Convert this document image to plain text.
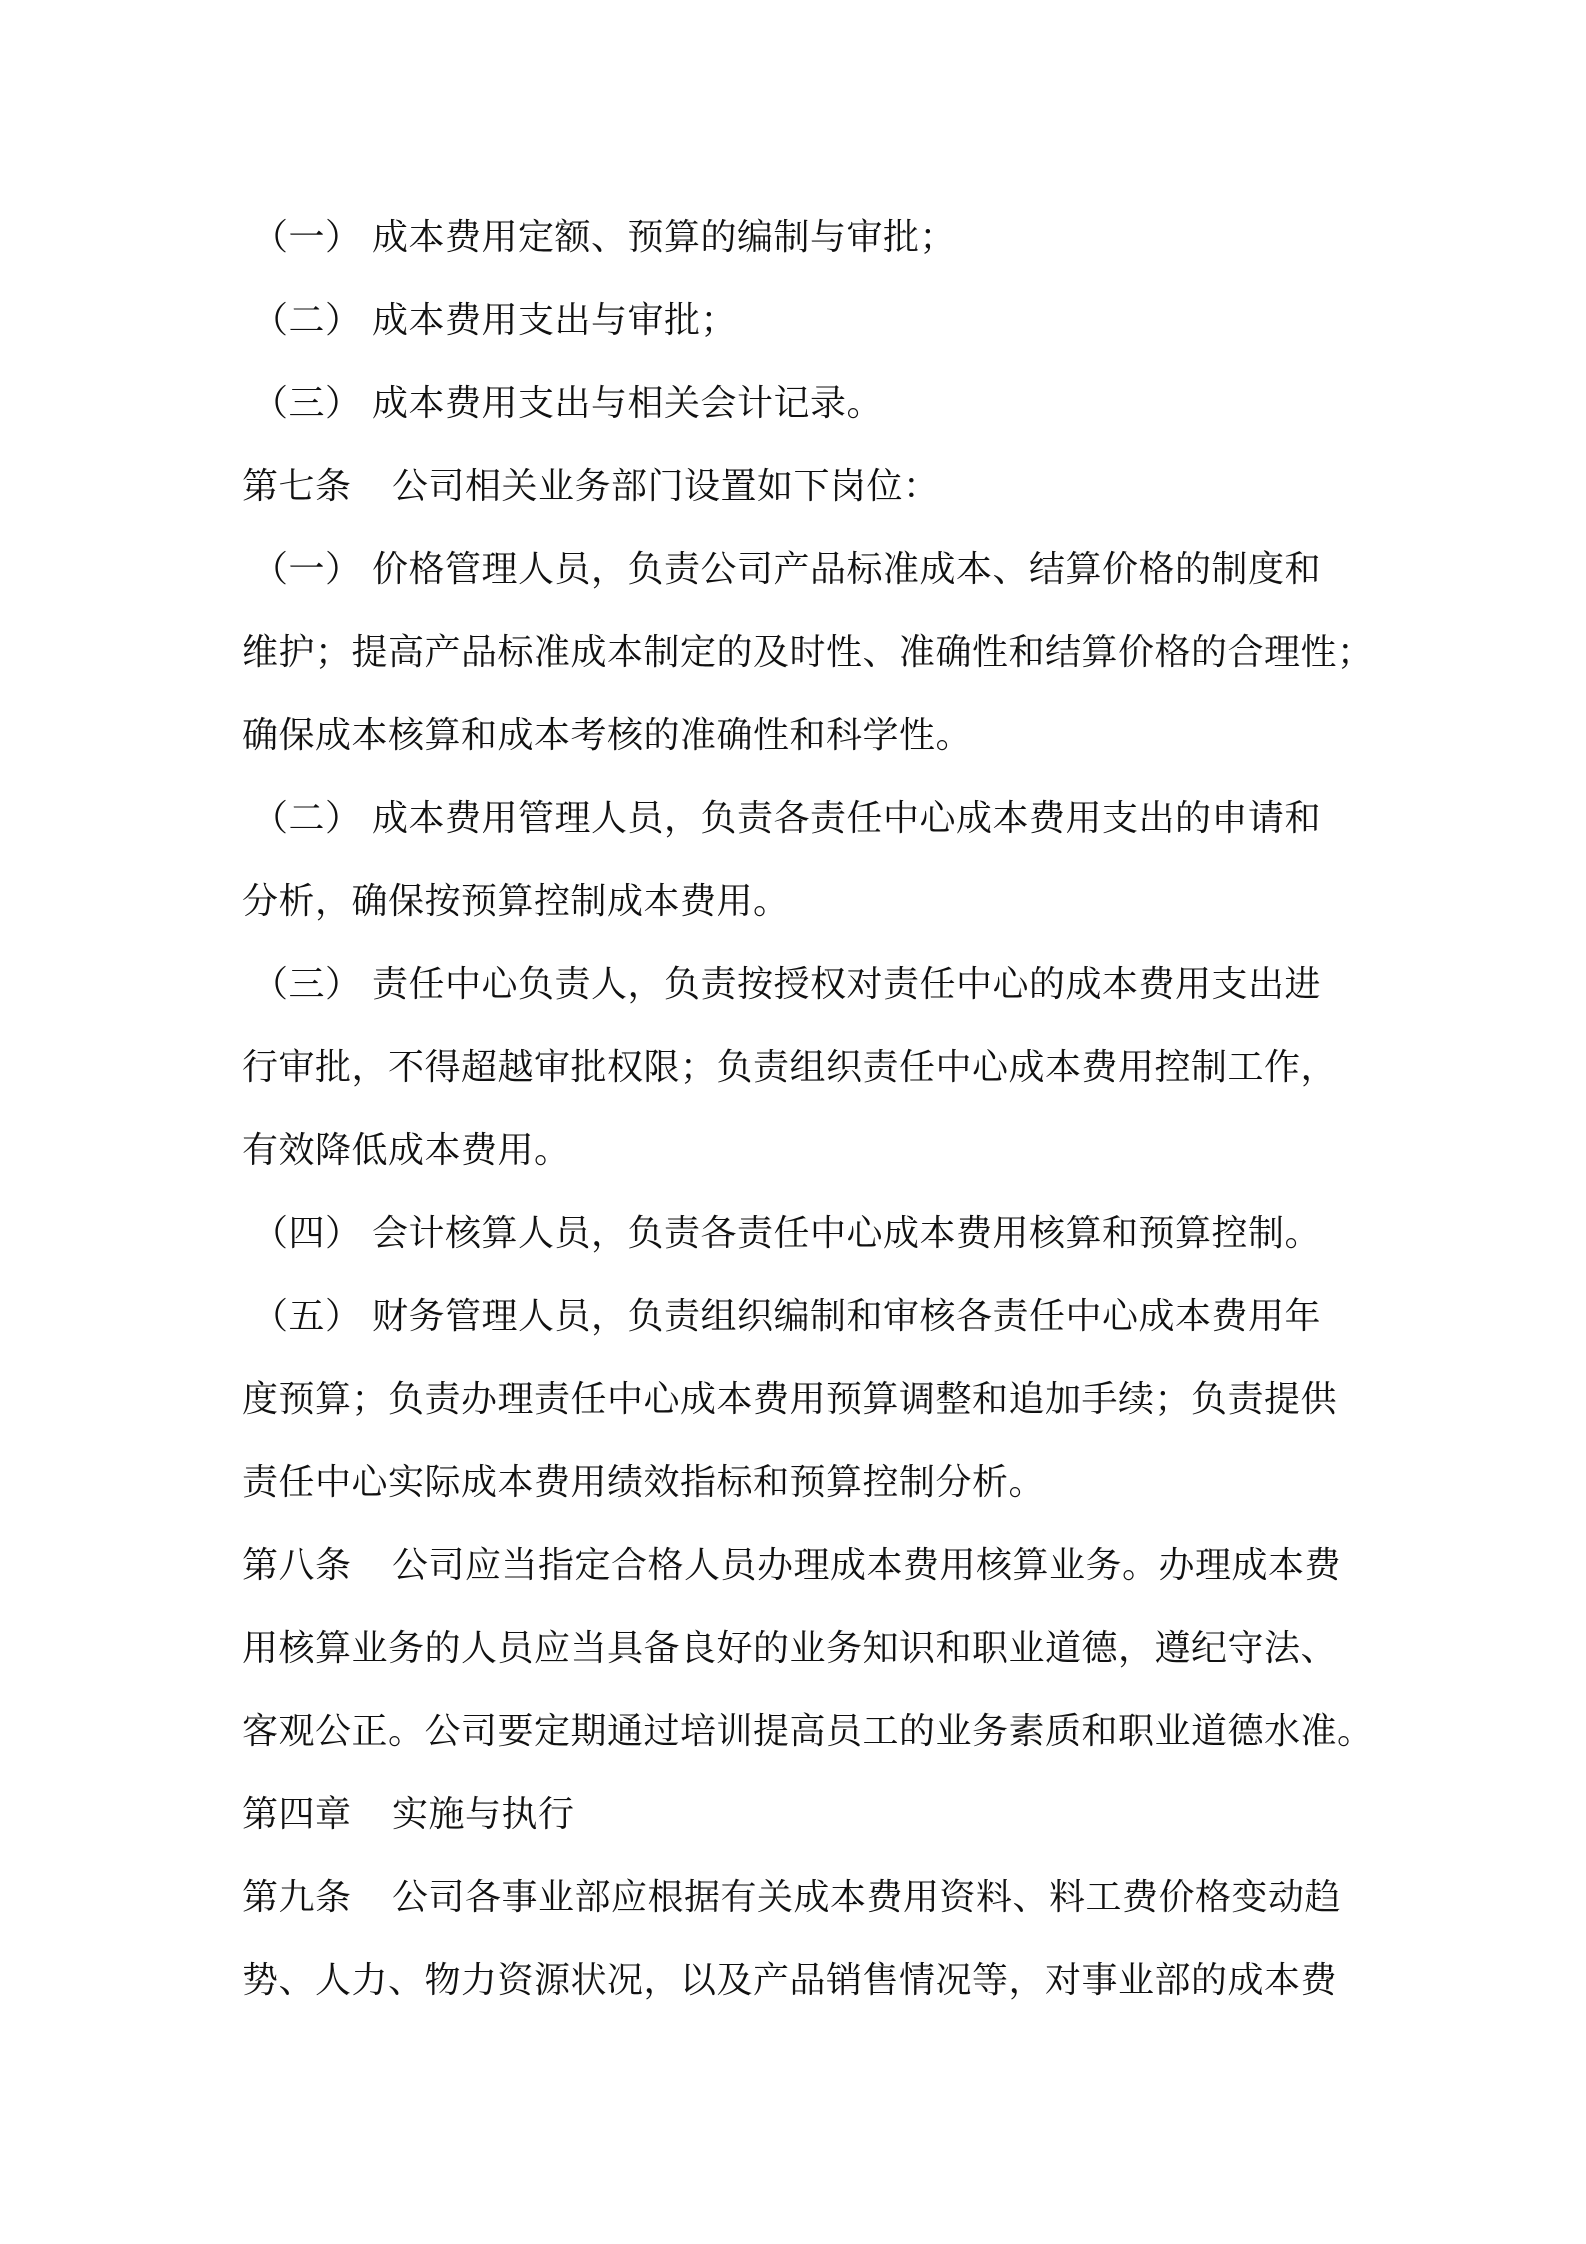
（一） 成本费用定额、预算的编制与审批；
（二） 成本费用支出与审批；
（三） 成本费用支出与相关会计记录。
第七条 公司相关业务部门设置如下岗位：
（一） 价格管理人员，负责公司产品标准成本、结算价格的制度和
维护；提高产品标准成本制定的及时性、准确性和结算价格的合理性；
确保成本核算和成本考核的准确性和科学性。
（二） 成本费用管理人员，负责各责任中心成本费用支出的申请和
分析，确保按预算控制成本费用。
（三） 责任中心负责人，负责按授权对责任中心的成本费用支出进
行审批，不得超越审批权限；负责组织责任中心成本费用控制工作，
有效降低成本费用。
（四） 会计核算人员，负责各责任中心成本费用核算和预算控制。
（五） 财务管理人员，负责组织编制和审核各责任中心成本费用年
度预算；负责办理责任中心成本费用预算调整和追加手续；负责提供
责任中心实际成本费用绩效指标和预算控制分析。
第八条 公司应当指定合格人员办理成本费用核算业务。办理成本费
用核算业务的人员应当具备良好的业务知识和职业道德，遵纪守法、
客观公正。公司要定期通过培训提高员工的业务素质和职业道德水准。
第四章 实施与执行
第九条 公司各事业部应根据有关成本费用资料、料工费价格变动趋
势、人力、物力资源状况，以及产品销售情况等，对事业部的成本费
